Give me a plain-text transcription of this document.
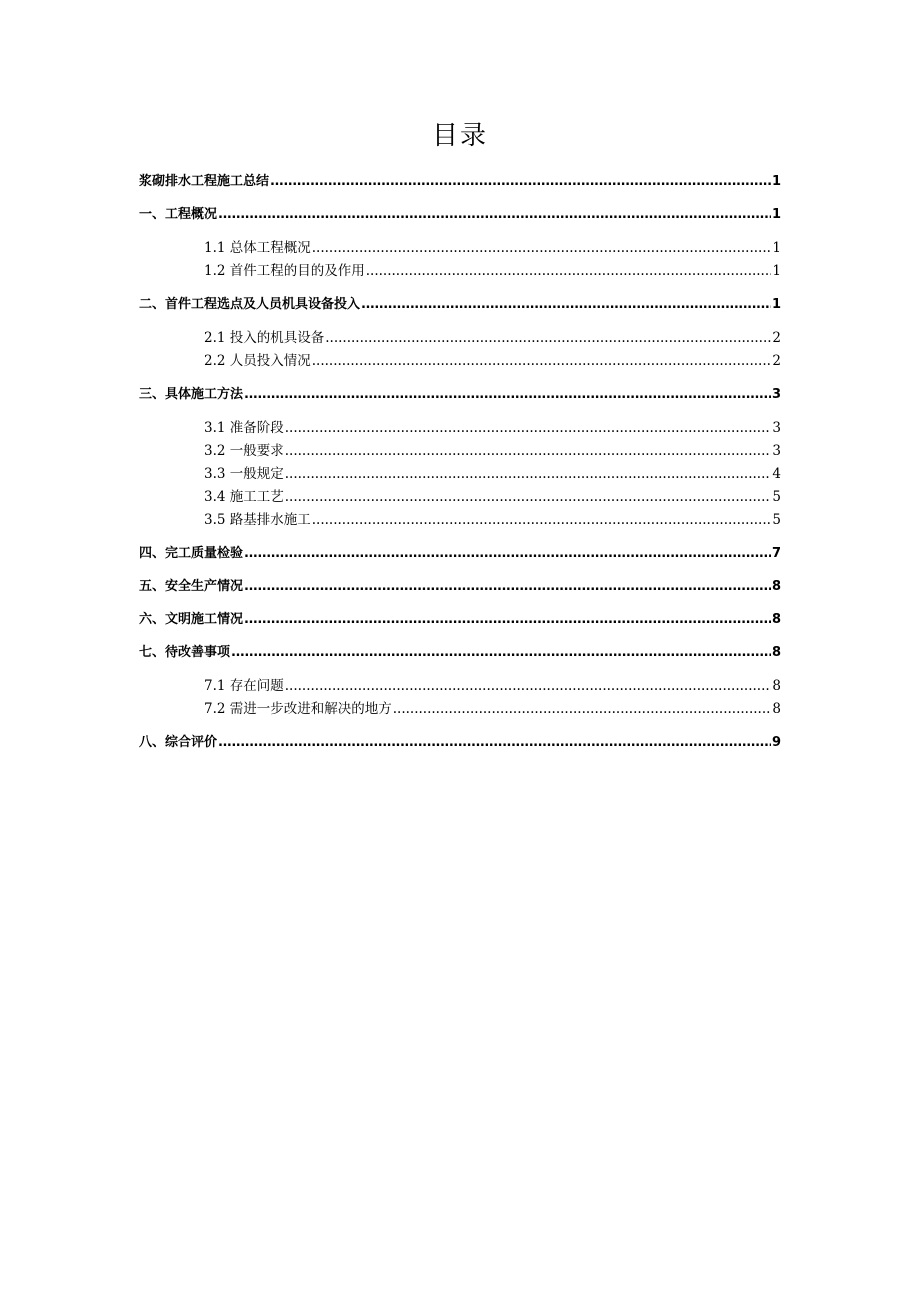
目录
浆砌排水工程施工总结 .....	1
一、工程概况 .....	1
1.1 总体工程概况 .....	1
1.2 首件工程的目的及作用 .....	1
二、首件工程选点及人员机具设备投入 .....	1
2.1 投入的机具设备 .....	2
2.2 人员投入情况 .....	2
三、具体施工方法 .....	3
3.1 准备阶段 .....	3
3.2 一般要求 .....	3
3.3 一般规定 .....	4
3.4 施工工艺 .....	5
3.5 路基排水施工 .....	5
四、完工质量检验 .....	7
五、安全生产情况 .....	8
六、文明施工情况 .....	8
七、待改善事项 .....	8
7.1 存在问题 .....	8
7.2 需进一步改进和解决的地方 .....	8
八、综合评价 .....	9
